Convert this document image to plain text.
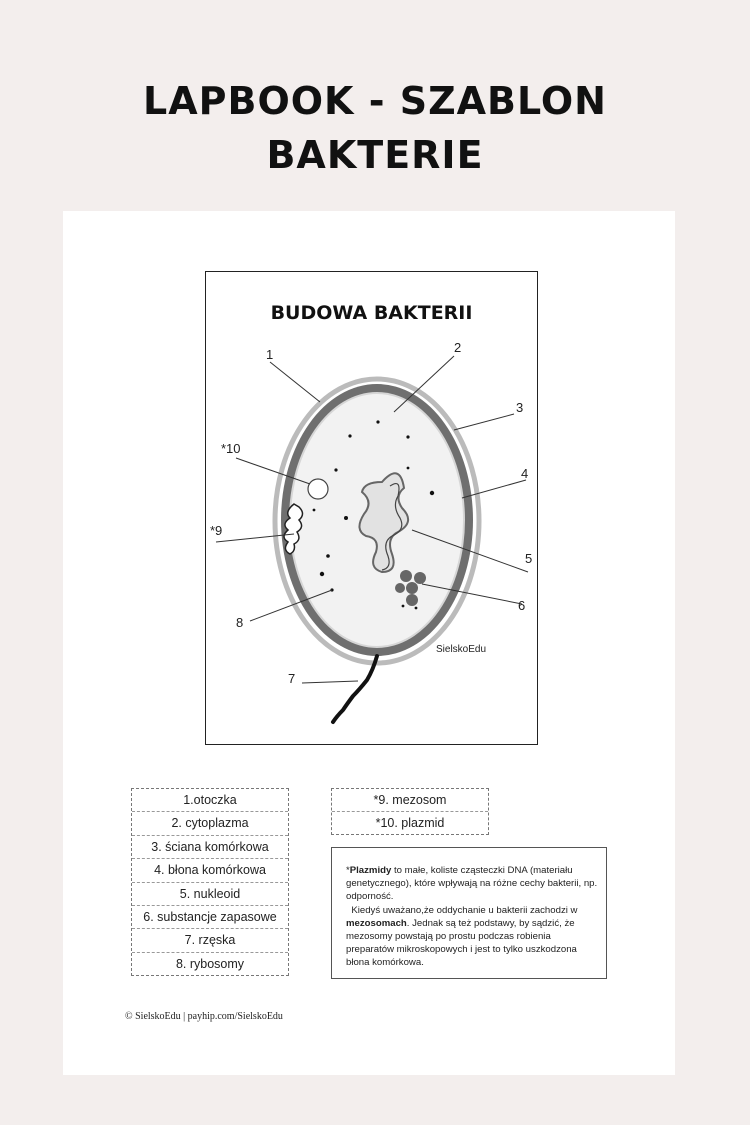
LAPBOOK - SZABLON
BAKTERIE
BUDOWA BAKTERII
1	2
3
4
5
6
7
8
*9
*10
SielskoEdu
1.otoczka
2. cytoplazma
3. ściana komórkowa
4. błona komórkowa
5. nukleoid
6. substancje zapasowe
7. rzęska
8. rybosomy
*9. mezosom
*10. plazmid

*Plazmidy to małe, koliste cząsteczki DNA (materiału genetycznego), które wpływają na różne cechy bakterii, np. odporność.

Kiedyś uważano,że oddychanie u bakterii zachodzi w mezosomach. Jednak są też podstawy, by sądzić, że mezosomy powstają po prostu podczas robienia preparatów mikroskopowych i jest to tylko uszkodzona błona komórkowa.

© SielskoEdu | payhip.com/SielskoEdu
